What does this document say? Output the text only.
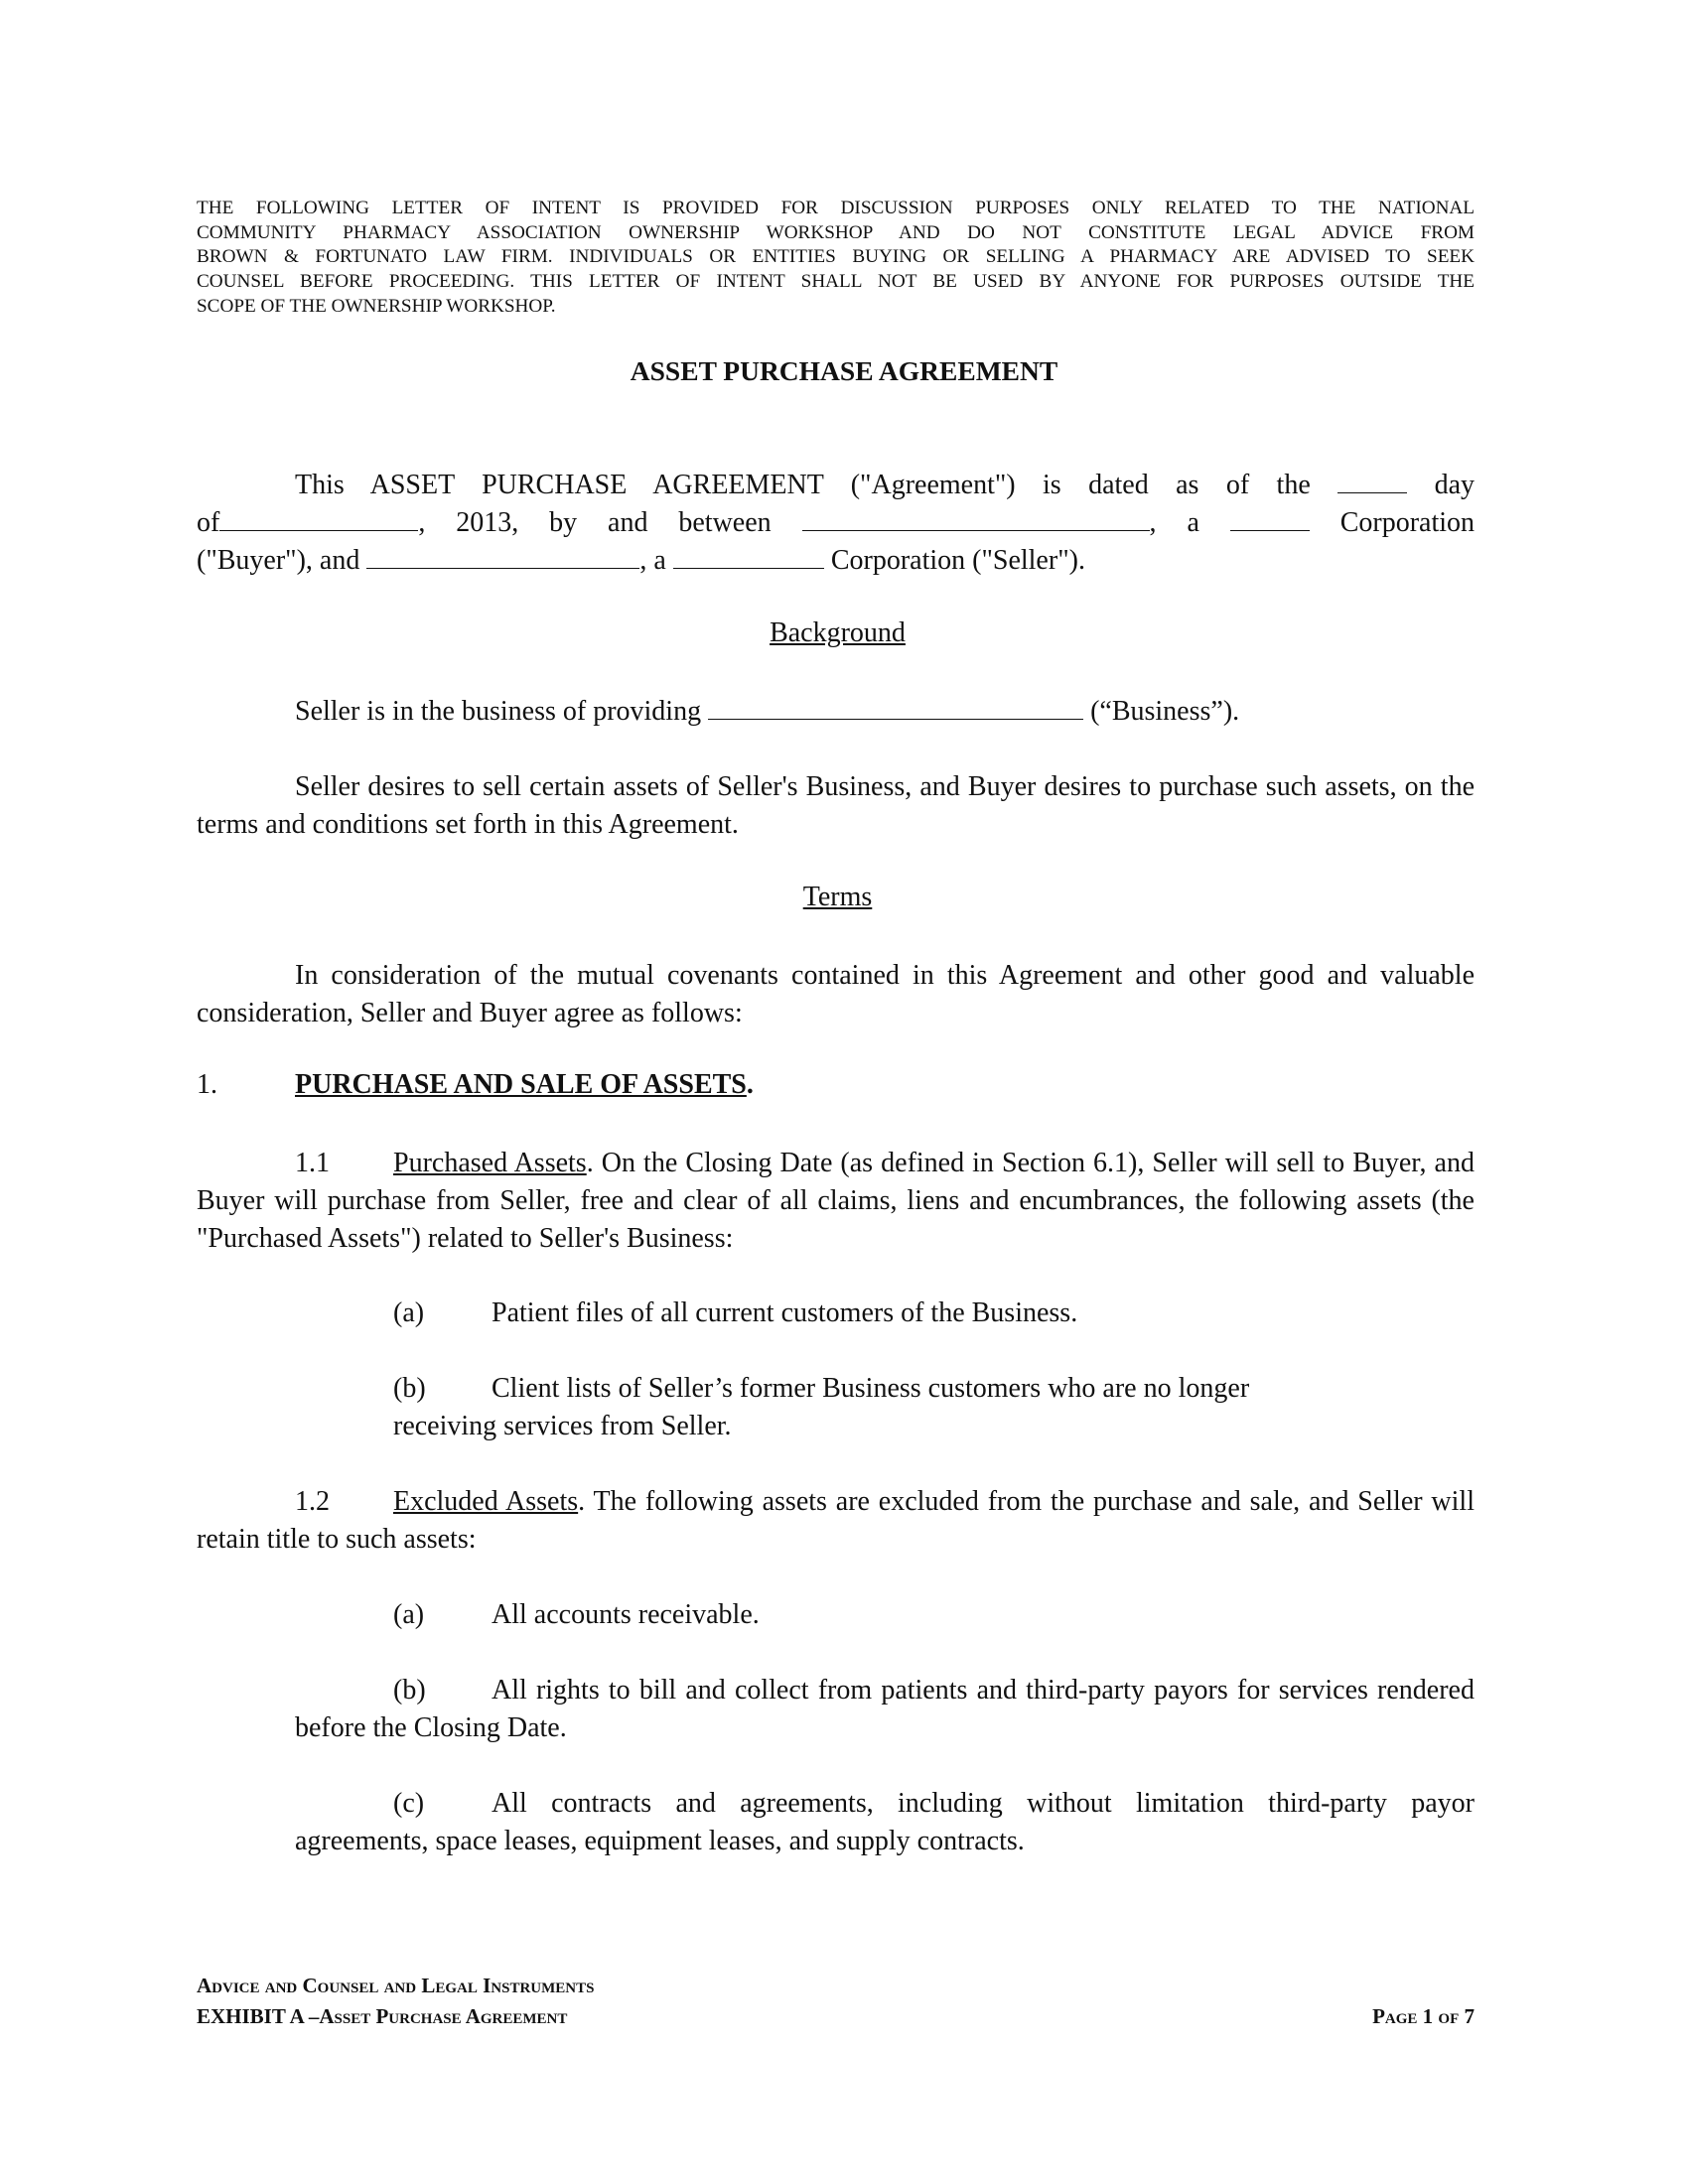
THE FOLLOWING LETTER OF INTENT IS PROVIDED FOR DISCUSSION PURPOSES ONLY RELATED TO THE NATIONAL
COMMUNITY PHARMACY ASSOCIATION OWNERSHIP WORKSHOP AND DO NOT CONSTITUTE LEGAL ADVICE FROM
BROWN & FORTUNATO LAW FIRM. INDIVIDUALS OR ENTITIES BUYING OR SELLING A PHARMACY ARE ADVISED TO SEEK
COUNSEL BEFORE PROCEEDING. THIS LETTER OF INTENT SHALL NOT BE USED BY ANYONE FOR PURPOSES OUTSIDE THE
SCOPE OF THE OWNERSHIP WORKSHOP.
ASSET PURCHASE AGREEMENT
This ASSET PURCHASE AGREEMENT ("Agreement") is dated as of the	day
of	, 2013, by and between	, a	Corporation
("Buyer"), and	, a	Corporation ("Seller").
Background
Seller is in the business of providing	(“Business”).
Seller desires to sell certain assets of Seller's Business, and Buyer desires to purchase such assets, on the terms and conditions set forth in this Agreement.
Terms
In consideration of the mutual covenants contained in this Agreement and other good and valuable consideration, Seller and Buyer agree as follows:
1.	PURCHASE AND SALE OF ASSETS.
1.1 Purchased Assets. On the Closing Date (as defined in Section 6.1), Seller will sell to Buyer, and Buyer will purchase from Seller, free and clear of all claims, liens and encumbrances, the following assets (the "Purchased Assets") related to Seller's Business:
(a) Patient files of all current customers of the Business.
(b) Client lists of Seller’s former Business customers who are no longer
receiving services from Seller.
1.2 Excluded Assets. The following assets are excluded from the purchase and sale, and Seller will retain title to such assets:
(a) All accounts receivable.
(b) All rights to bill and collect from patients and third-party payors for services rendered before the Closing Date.
(c) All contracts and agreements, including without limitation third-party payor agreements, space leases, equipment leases, and supply contracts.
Advice and Counsel and Legal Instruments
EXHIBIT A –Asset Purchase Agreement	Page 1 of 7
